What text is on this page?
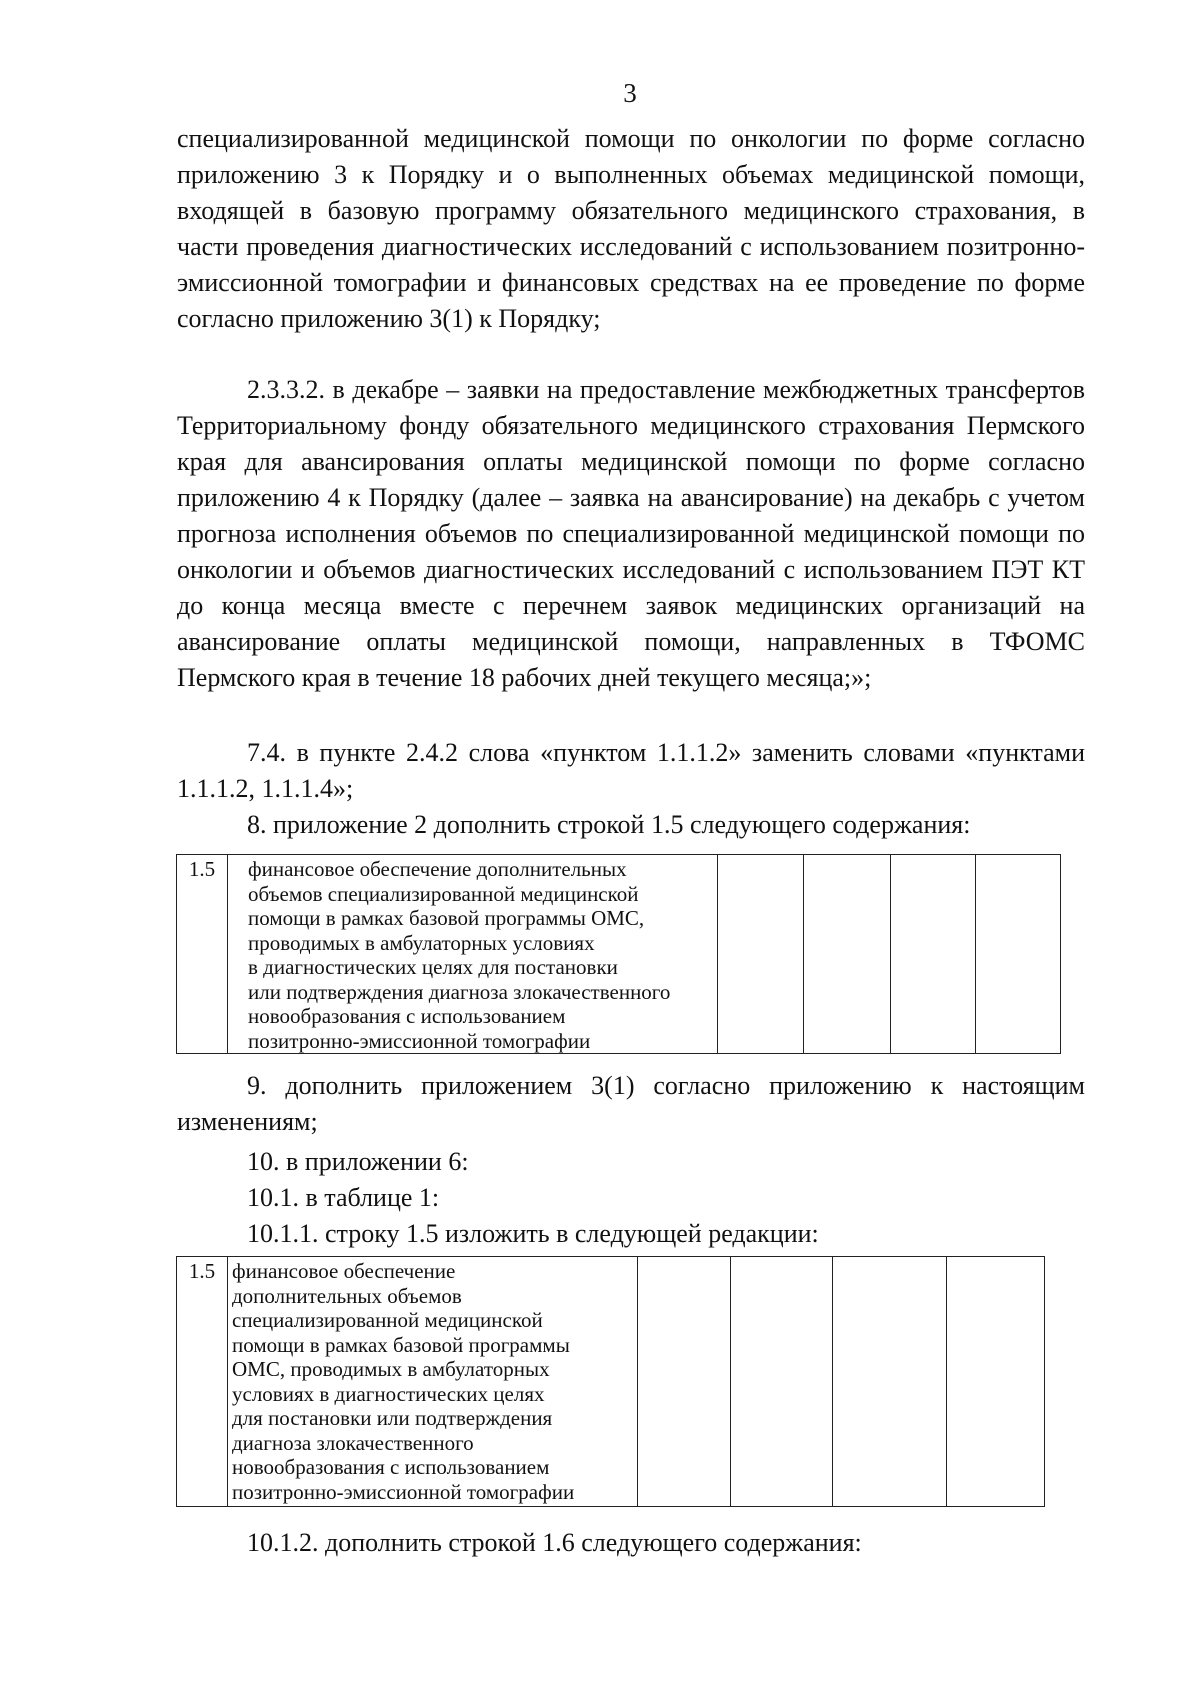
3

специализированной медицинской помощи по онкологии по форме согласно приложению 3 к Порядку и о выполненных объемах медицинской помощи, входящей в базовую программу обязательного медицинского страхования, в части проведения диагностических исследований с использованием позитронно-эмиссионной томографии и финансовых средствах на ее проведение по форме согласно приложению 3(1) к Порядку;

2.3.3.2. в декабре – заявки на предоставление межбюджетных трансфертов Территориальному фонду обязательного медицинского страхования Пермского края для авансирования оплаты медицинской помощи по форме согласно приложению 4 к Порядку (далее – заявка на авансирование) на декабрь с учетом прогноза исполнения объемов по специализированной медицинской помощи по онкологии и объемов диагностических исследований с использованием ПЭТ КТ до конца месяца вместе с перечнем заявок медицинских организаций на авансирование оплаты медицинской помощи, направленных в ТФОМС Пермского края в течение 18 рабочих дней текущего месяца;»;

7.4. в пункте 2.4.2 слова «пунктом 1.1.1.2» заменить словами «пунктами 1.1.1.2, 1.1.1.4»;

8. приложение 2 дополнить строкой 1.5 следующего содержания:

1.5	финансовое обеспечение дополнительных
объемов специализированной медицинской
помощи в рамках базовой программы ОМС,
проводимых в амбулаторных условиях
в диагностических целях для постановки
или подтверждения диагноза злокачественного
новообразования с использованием
позитронно-эмиссионной томографии

9. дополнить приложением 3(1) согласно приложению к настоящим изменениям;

10. в приложении 6:

10.1. в таблице 1:

10.1.1. строку 1.5 изложить в следующей редакции:

1.5	финансовое обеспечение
дополнительных объемов
специализированной медицинской
помощи в рамках базовой программы
ОМС, проводимых в амбулаторных
условиях в диагностических целях
для постановки или подтверждения
диагноза злокачественного
новообразования с использованием
позитронно-эмиссионной томографии

10.1.2. дополнить строкой 1.6 следующего содержания:
